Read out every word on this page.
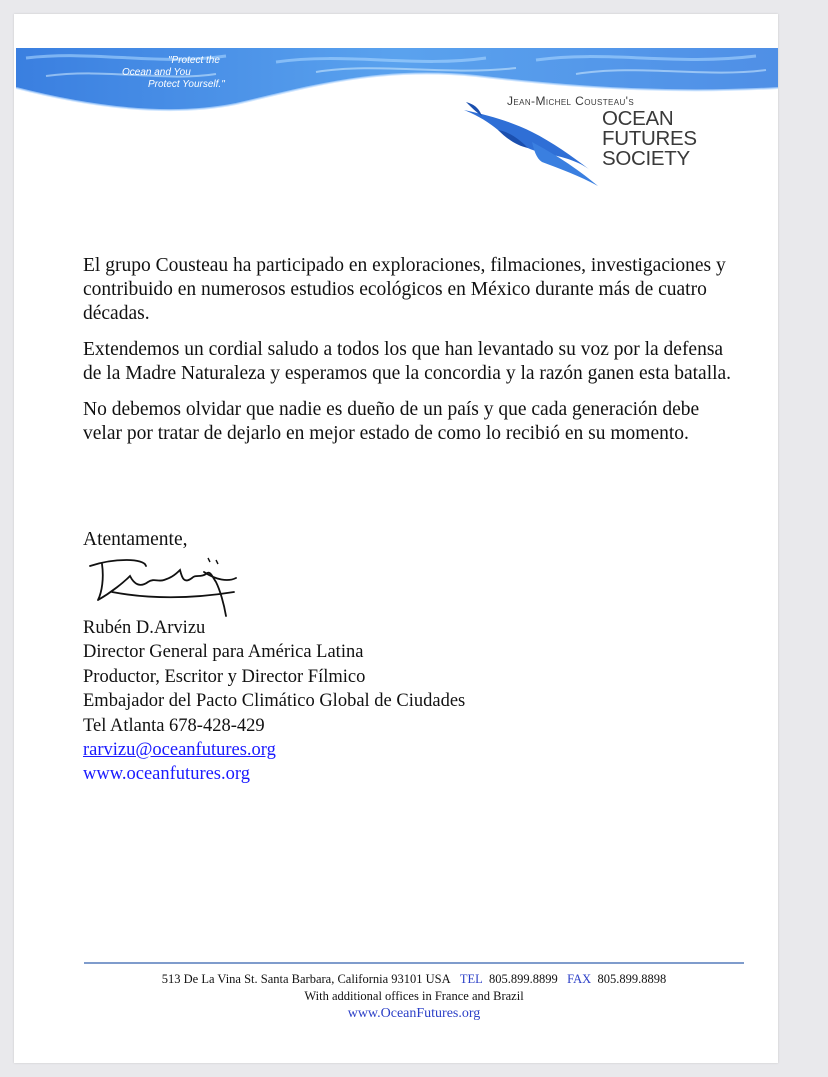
"Protect the
Ocean and You
Protect Yourself."
Jean-Michel Cousteau's
OCEAN
FUTURES
SOCIETY

El grupo Cousteau ha participado en exploraciones, filmaciones, investigaciones y contribuido en numerosos estudios ecológicos en México durante más de cuatro décadas.

Extendemos un cordial saludo a todos los que han levantado su voz por la defensa de la Madre Naturaleza y esperamos que la concordia y la razón ganen esta batalla.

No debemos olvidar que nadie es dueño de un país y que cada generación debe velar por tratar de dejarlo en mejor estado de como lo recibió en su momento.

Atentamente,
Rubén D.Arvizu
Director General para América Latina
Productor, Escritor y Director Fílmico
Embajador del Pacto Climático Global de Ciudades
Tel Atlanta 678-428-429
rarvizu@oceanfutures.org
www.oceanfutures.org
513 De La Vina St. Santa Barbara, California 93101 USA TEL 805.899.8899 FAX 805.899.8898
With additional offices in France and Brazil
www.OceanFutures.org
